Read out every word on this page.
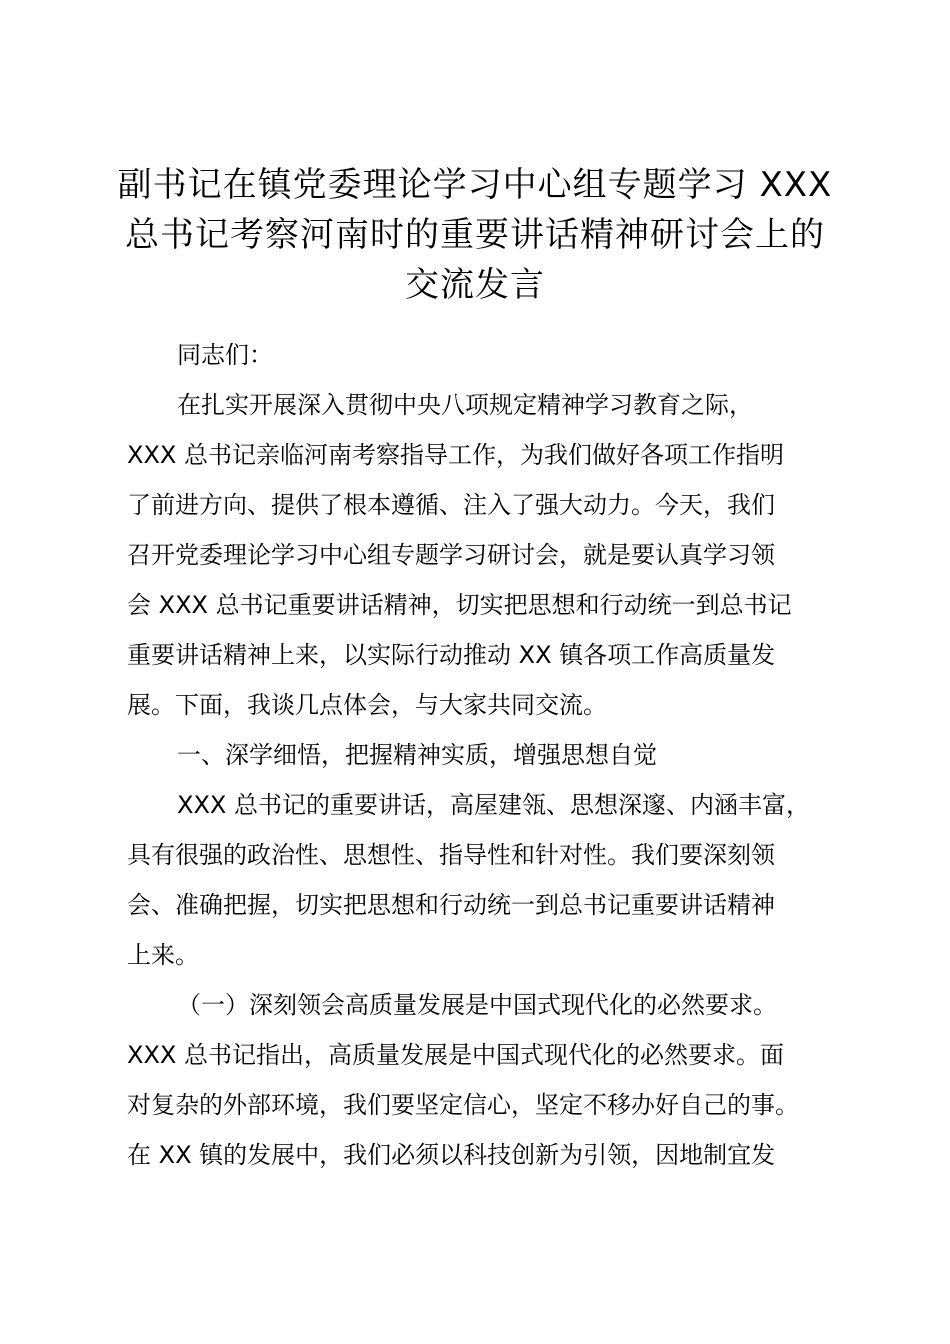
副书记在镇党委理论学习中心组专题学习 XXX
总书记考察河南时的重要讲话精神研讨会上的
交流发言
同志们：
在扎实开展深入贯彻中央八项规定精神学习教育之际，
XXX 总书记亲临河南考察指导工作，为我们做好各项工作指明
了前进方向、提供了根本遵循、注入了强大动力。今天，我们
召开党委理论学习中心组专题学习研讨会，就是要认真学习领
会 XXX 总书记重要讲话精神，切实把思想和行动统一到总书记
重要讲话精神上来，以实际行动推动 XX 镇各项工作高质量发
展。下面，我谈几点体会，与大家共同交流。
一、深学细悟，把握精神实质，增强思想自觉
XXX 总书记的重要讲话，高屋建瓴、思想深邃、内涵丰富，
具有很强的政治性、思想性、指导性和针对性。我们要深刻领
会、准确把握，切实把思想和行动统一到总书记重要讲话精神
上来。
（一）深刻领会高质量发展是中国式现代化的必然要求。
XXX 总书记指出，高质量发展是中国式现代化的必然要求。面
对复杂的外部环境，我们要坚定信心，坚定不移办好自己的事。
在 XX 镇的发展中，我们必须以科技创新为引领，因地制宜发
